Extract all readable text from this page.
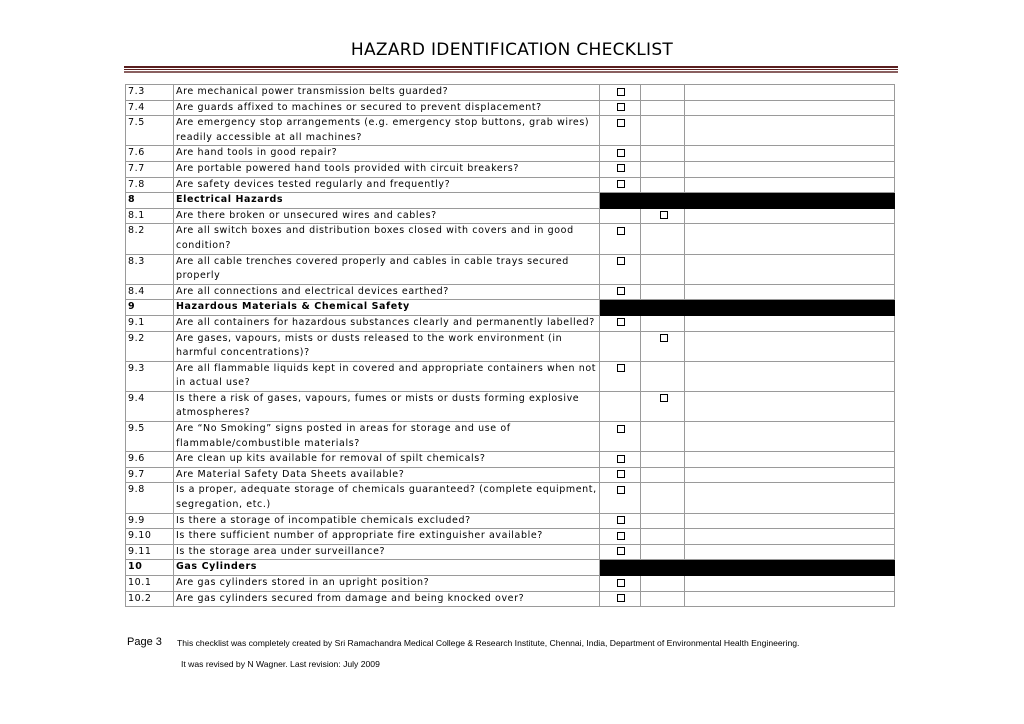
HAZARD IDENTIFICATION CHECKLIST
7.3	Are mechanical power transmission belts guarded?			
7.4	Are guards affixed to machines or secured to prevent displacement?			
7.5	Are emergency stop arrangements (e.g. emergency stop buttons, grab wires) readily accessible at all machines?			
7.6	Are hand tools in good repair?			
7.7	Are portable powered hand tools provided with circuit breakers?			
7.8	Are safety devices tested regularly and frequently?			
8	Electrical Hazards			
8.1	Are there broken or unsecured wires and cables?			
8.2	Are all switch boxes and distribution boxes closed with covers and in good condition?			
8.3	Are all cable trenches covered properly and cables in cable trays secured properly			
8.4	Are all connections and electrical devices earthed?			
9	Hazardous Materials & Chemical Safety			
9.1	Are all containers for hazardous substances clearly and permanently labelled?			
9.2	Are gases, vapours, mists or dusts released to the work environment (in harmful concentrations)?			
9.3	Are all flammable liquids kept in covered and appropriate containers when not in actual use?			
9.4	Is there a risk of gases, vapours, fumes or mists or dusts forming explosive atmospheres?			
9.5	Are “No Smoking” signs posted in areas for storage and use of flammable/combustible materials?			
9.6	Are clean up kits available for removal of spilt chemicals?			
9.7	Are Material Safety Data Sheets available?			
9.8	Is a proper, adequate storage of chemicals guaranteed? (complete equipment, segregation, etc.)			
9.9	Is there a storage of incompatible chemicals excluded?			
9.10	Is there sufficient number of appropriate fire extinguisher available?			
9.11	Is the storage area under surveillance?			
10	Gas Cylinders			
10.1	Are gas cylinders stored in an upright position?			
10.2	Are gas cylinders secured from damage and being knocked over?			
Page 3 This checklist was completely created by Sri Ramachandra Medical College & Research Institute, Chennai, India, Department of Environmental Health Engineering.
It was revised by N Wagner. Last revision: July 2009
